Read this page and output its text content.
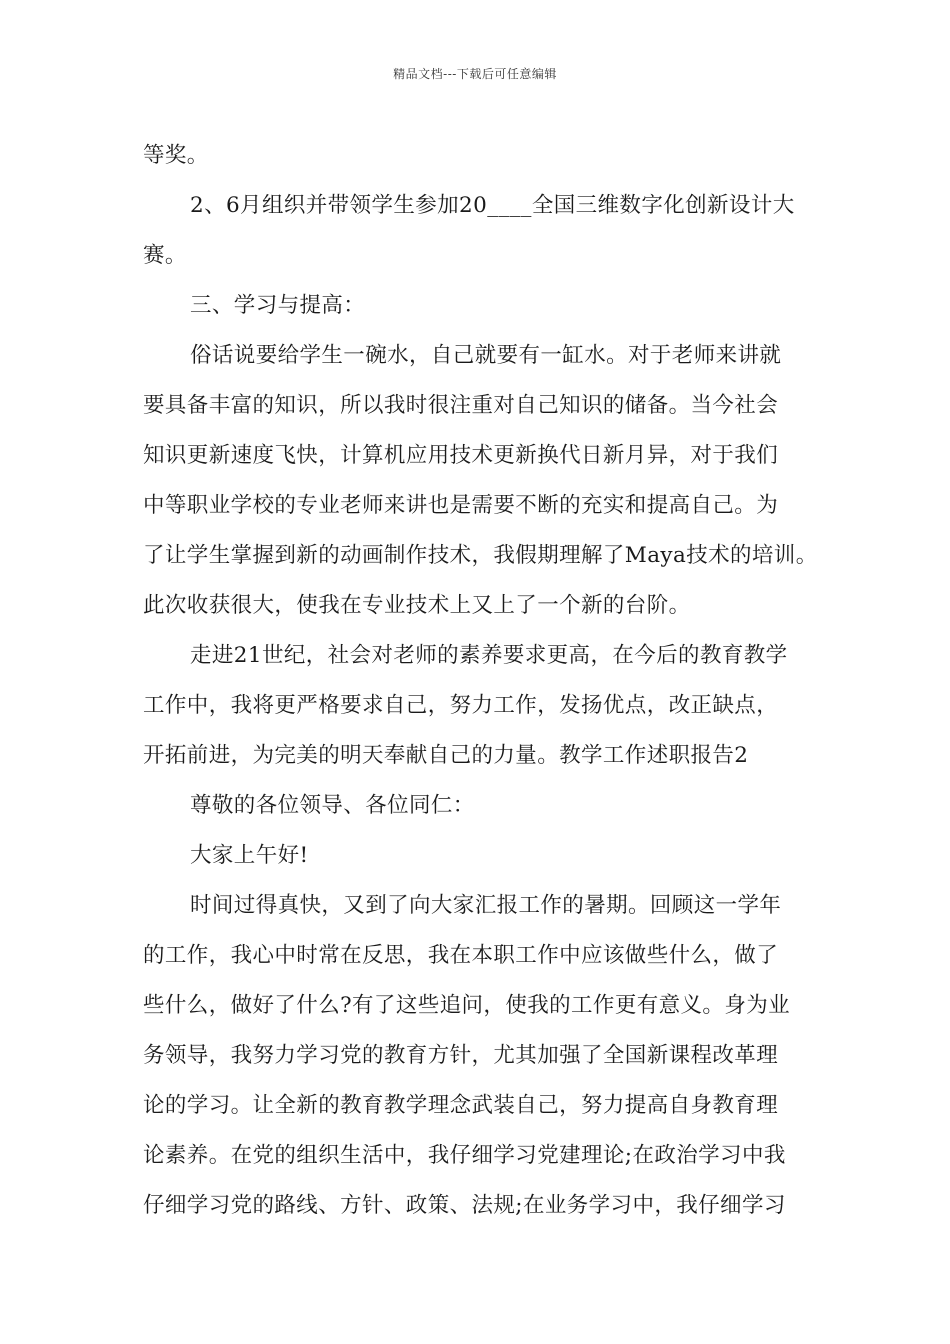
精品文档---下载后可任意编辑
等奖。
2、6月组织并带领学生参加20____全国三维数字化创新设计大
赛。
三、学习与提高：
俗话说要给学生一碗水，自己就要有一缸水。对于老师来讲就
要具备丰富的知识，所以我时很注重对自己知识的储备。当今社会
知识更新速度飞快，计算机应用技术更新换代日新月异，对于我们
中等职业学校的专业老师来讲也是需要不断的充实和提高自己。为
了让学生掌握到新的动画制作技术，我假期理解了Maya技术的培训。
此次收获很大，使我在专业技术上又上了一个新的台阶。
走进21世纪，社会对老师的素养要求更高，在今后的教育教学
工作中，我将更严格要求自己，努力工作，发扬优点，改正缺点，
开拓前进，为完美的明天奉献自己的力量。教学工作述职报告2
尊敬的各位领导、各位同仁：
大家上午好!
时间过得真快，又到了向大家汇报工作的暑期。回顾这一学年
的工作，我心中时常在反思，我在本职工作中应该做些什么，做了
些什么，做好了什么?有了这些追问，使我的工作更有意义。身为业
务领导，我努力学习党的教育方针，尤其加强了全国新课程改革理
论的学习。让全新的教育教学理念武装自己，努力提高自身教育理
论素养。在党的组织生活中，我仔细学习党建理论;在政治学习中我
仔细学习党的路线、方针、政策、法规;在业务学习中，我仔细学习
